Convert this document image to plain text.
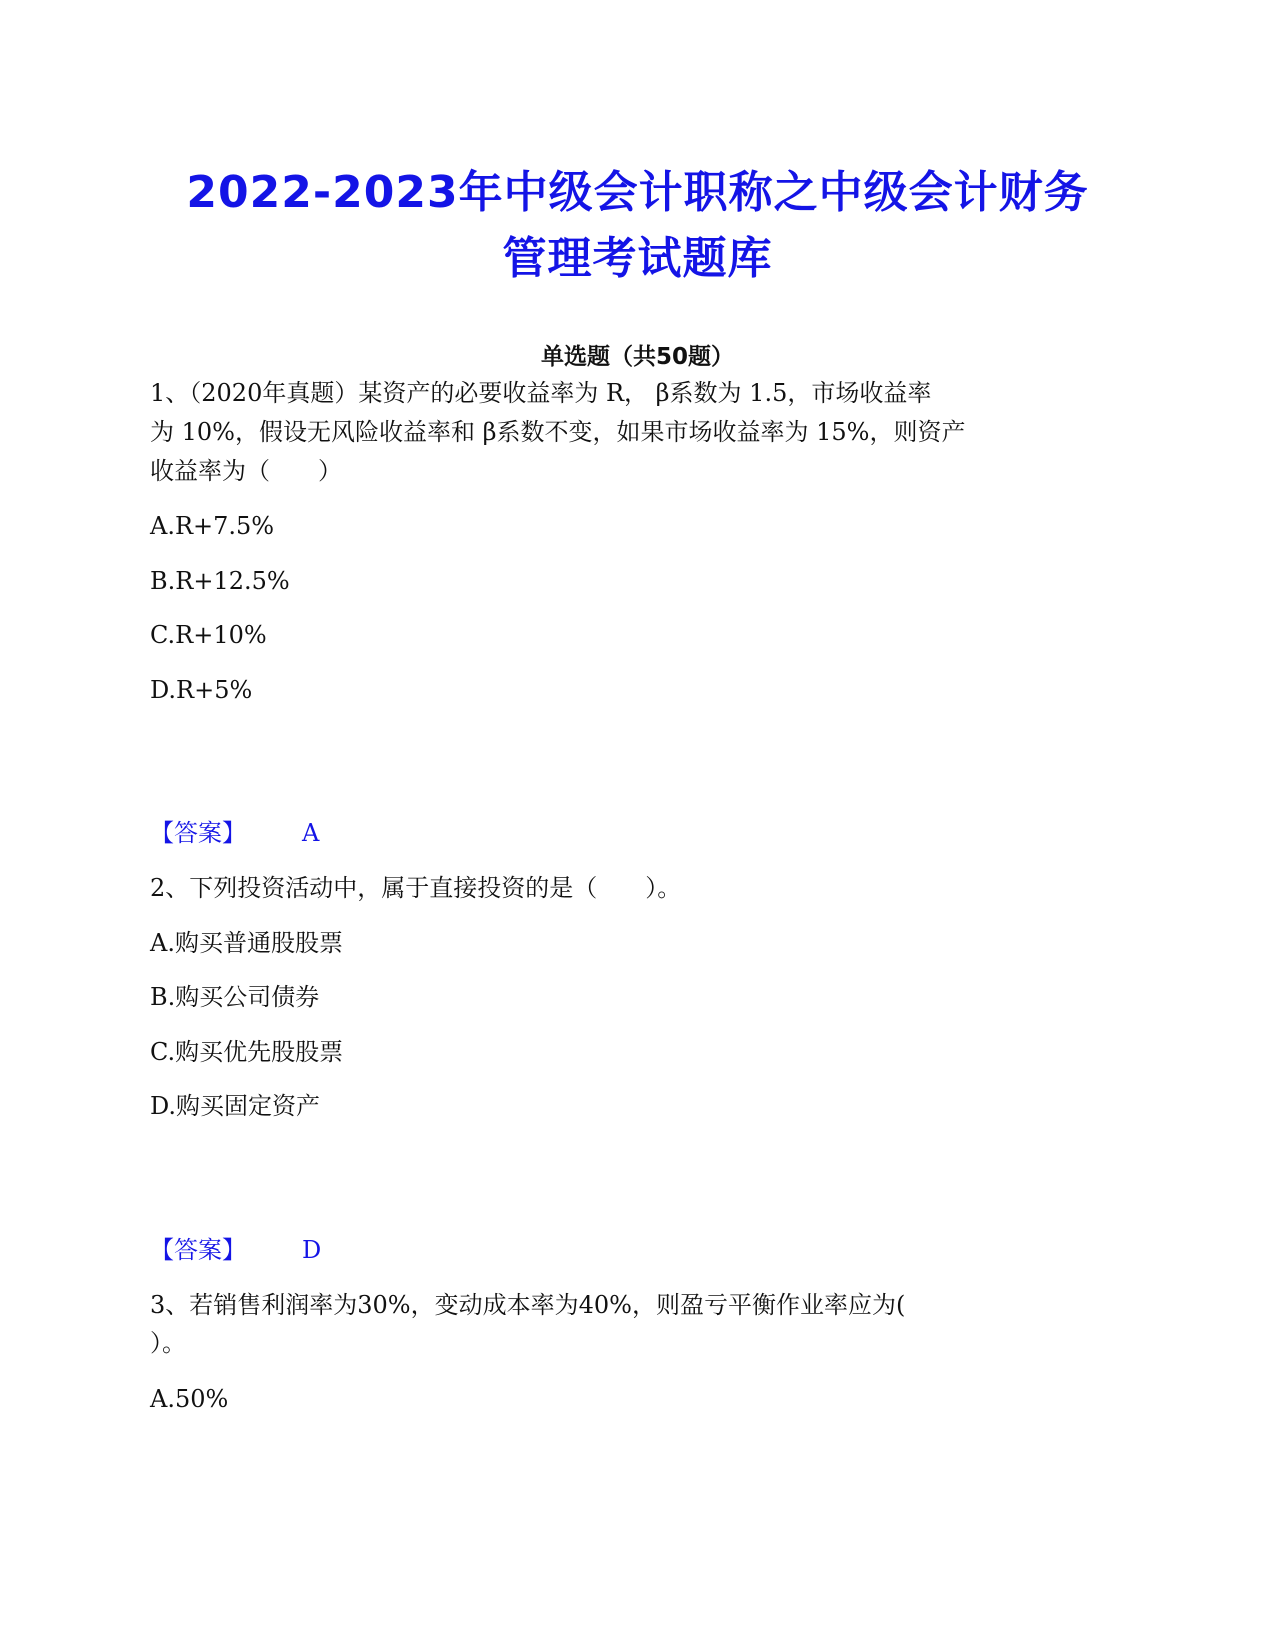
2022-2023年中级会计职称之中级会计财务
管理考试题库
单选题（共50题）
1、（2020年真题）某资产的必要收益率为 R， β系数为 1.5，市场收益率
为 10%，假设无风险收益率和 β系数不变，如果市场收益率为 15%，则资产
收益率为（　　）
A.R+7.5%
B.R+12.5%
C.R+10%
D.R+5%
【答案】 A
2、下列投资活动中，属于直接投资的是（　　）。
A.购买普通股股票
B.购买公司债券
C.购买优先股股票
D.购买固定资产
【答案】 D
3、若销售利润率为30%，变动成本率为40%，则盈亏平衡作业率应为(
）。
A.50%
